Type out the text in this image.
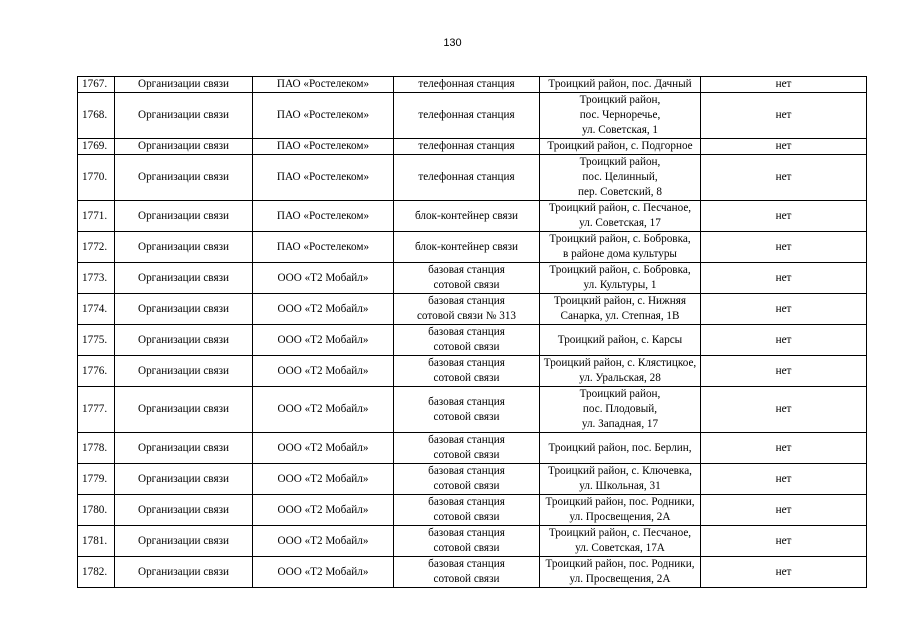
130
1767.	Организации связи	ПАО «Ростелеком»	телефонная станция	Троицкий район, пос. Дачный	нет
1768.	Организации связи	ПАО «Ростелеком»	телефонная станция	Троицкий район,
пос. Черноречье,
ул. Советская, 1	нет
1769.	Организации связи	ПАО «Ростелеком»	телефонная станция	Троицкий район, с. Подгорное	нет
1770.	Организации связи	ПАО «Ростелеком»	телефонная станция	Троицкий район,
пос. Целинный,
пер. Советский, 8	нет
1771.	Организации связи	ПАО «Ростелеком»	блок-контейнер связи	Троицкий район, с. Песчаное,
ул. Советская, 17	нет
1772.	Организации связи	ПАО «Ростелеком»	блок-контейнер связи	Троицкий район, с. Бобровка,
в районе дома культуры	нет
1773.	Организации связи	ООО «Т2 Мобайл»	базовая станция
сотовой связи	Троицкий район, с. Бобровка,
ул. Культуры, 1	нет
1774.	Организации связи	ООО «Т2 Мобайл»	базовая станция
сотовой связи № 313	Троицкий район, с. Нижняя
Санарка, ул. Степная, 1В	нет
1775.	Организации связи	ООО «Т2 Мобайл»	базовая станция
сотовой связи	Троицкий район, с. Карсы	нет
1776.	Организации связи	ООО «Т2 Мобайл»	базовая станция
сотовой связи	Троицкий район, с. Клястицкое,
ул. Уральская, 28	нет
1777.	Организации связи	ООО «Т2 Мобайл»	базовая станция
сотовой связи	Троицкий район,
пос. Плодовый,
ул. Западная, 17	нет
1778.	Организации связи	ООО «Т2 Мобайл»	базовая станция
сотовой связи	Троицкий район, пос. Берлин,	нет
1779.	Организации связи	ООО «Т2 Мобайл»	базовая станция
сотовой связи	Троицкий район, с. Ключевка,
ул. Школьная, 31	нет
1780.	Организации связи	ООО «Т2 Мобайл»	базовая станция
сотовой связи	Троицкий район, пос. Родники,
ул. Просвещения, 2А	нет
1781.	Организации связи	ООО «Т2 Мобайл»	базовая станция
сотовой связи	Троицкий район, с. Песчаное,
ул. Советская, 17А	нет
1782.	Организации связи	ООО «Т2 Мобайл»	базовая станция
сотовой связи	Троицкий район, пос. Родники,
ул. Просвещения, 2А	нет
